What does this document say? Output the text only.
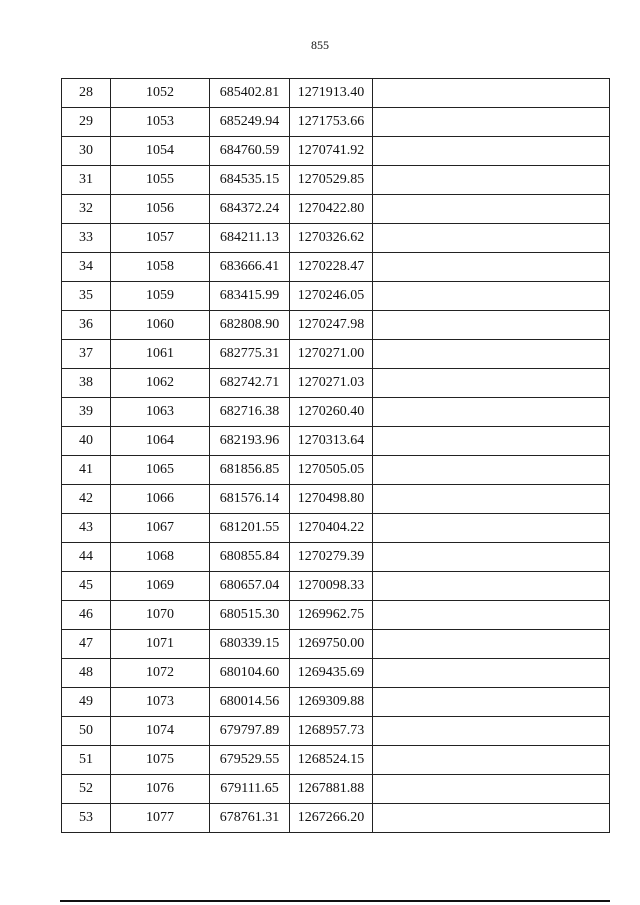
855
28	1052	685402.81	1271913.40	
29	1053	685249.94	1271753.66	
30	1054	684760.59	1270741.92	
31	1055	684535.15	1270529.85	
32	1056	684372.24	1270422.80	
33	1057	684211.13	1270326.62	
34	1058	683666.41	1270228.47	
35	1059	683415.99	1270246.05	
36	1060	682808.90	1270247.98	
37	1061	682775.31	1270271.00	
38	1062	682742.71	1270271.03	
39	1063	682716.38	1270260.40	
40	1064	682193.96	1270313.64	
41	1065	681856.85	1270505.05	
42	1066	681576.14	1270498.80	
43	1067	681201.55	1270404.22	
44	1068	680855.84	1270279.39	
45	1069	680657.04	1270098.33	
46	1070	680515.30	1269962.75	
47	1071	680339.15	1269750.00	
48	1072	680104.60	1269435.69	
49	1073	680014.56	1269309.88	
50	1074	679797.89	1268957.73	
51	1075	679529.55	1268524.15	
52	1076	679111.65	1267881.88	
53	1077	678761.31	1267266.20	
